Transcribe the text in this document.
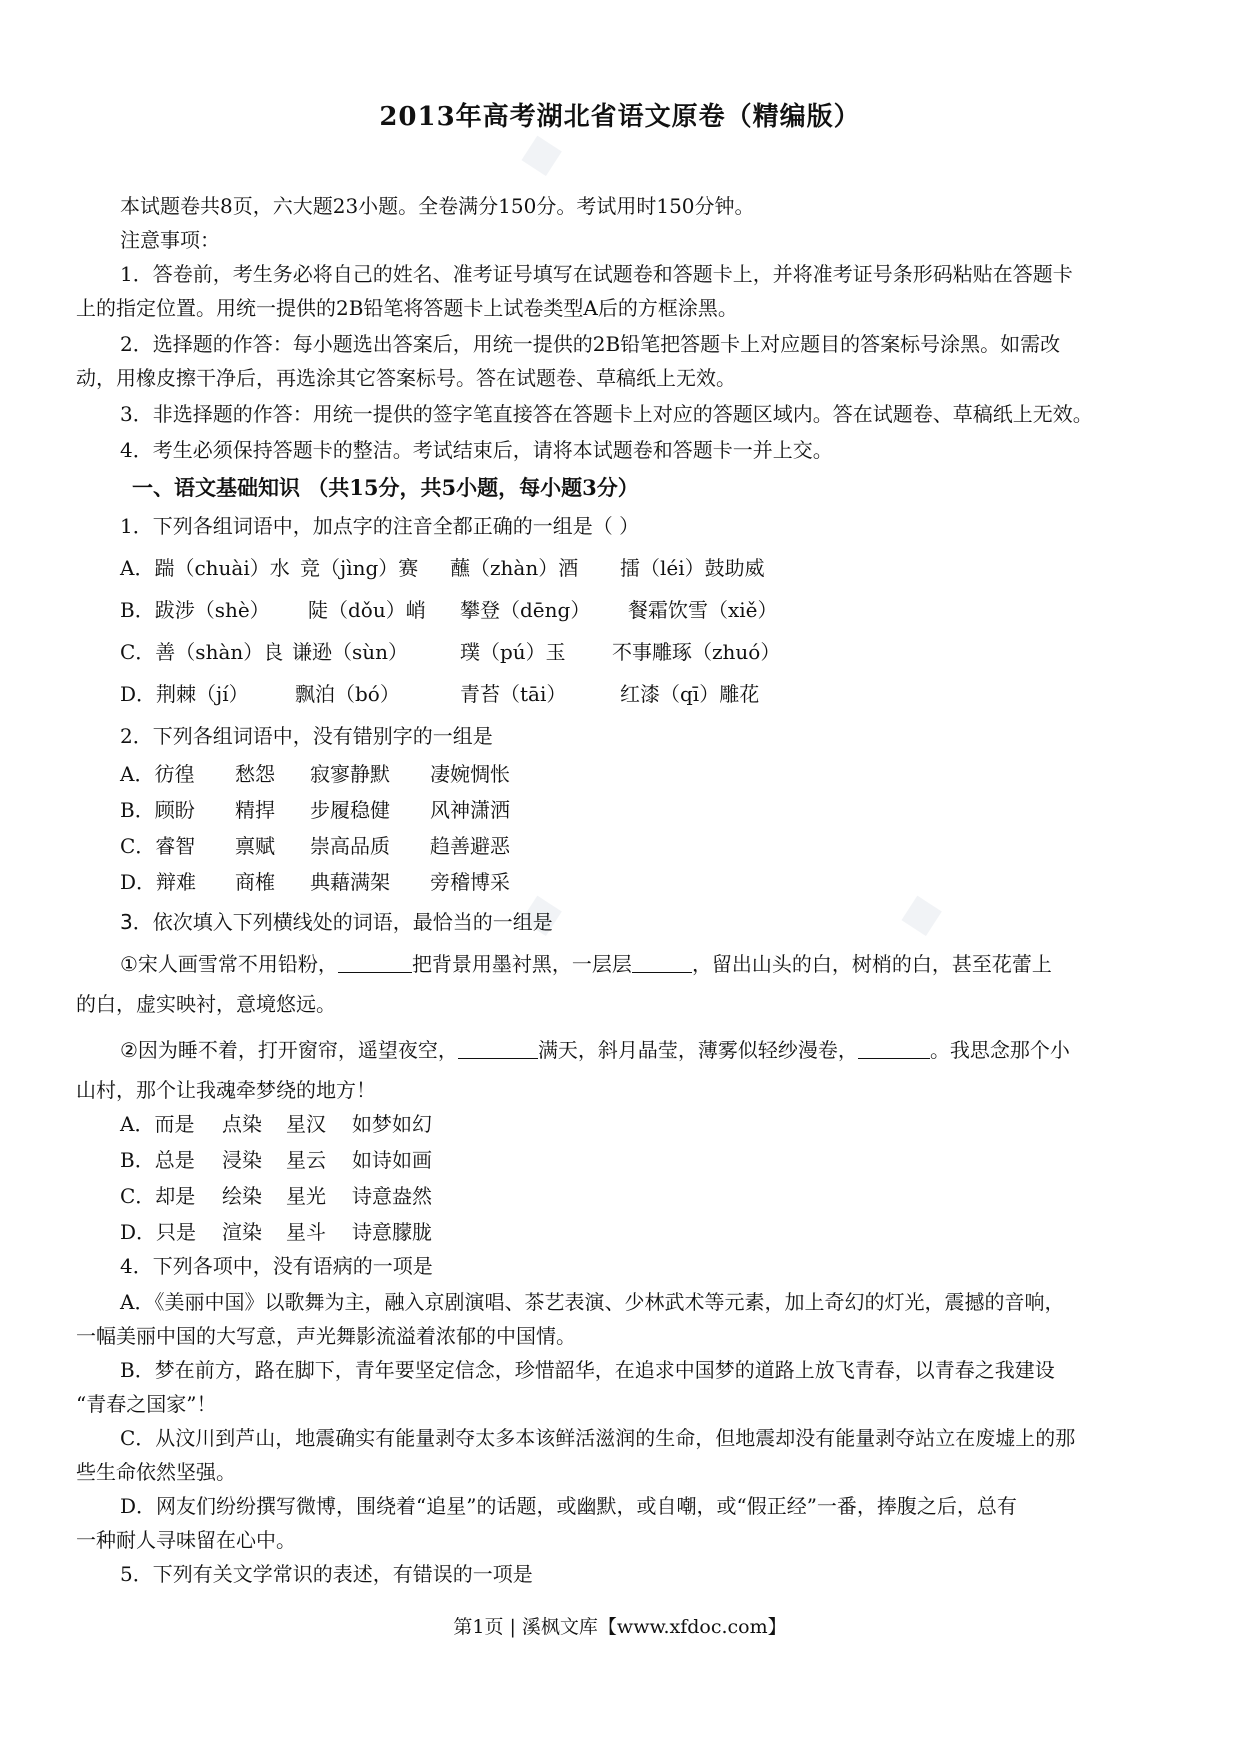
◆
◆	◆
2013年高考湖北省语文原卷（精编版）
本试题卷共8页，六大题23小题。全卷满分150分。考试用时150分钟。
注意事项：
1．答卷前，考生务必将自己的姓名、准考证号填写在试题卷和答题卡上，并将准考证号条形码粘贴在答题卡
上的指定位置。用统一提供的2B铅笔将答题卡上试卷类型A后的方框涂黑。
2．选择题的作答：每小题选出答案后，用统一提供的2B铅笔把答题卡上对应题目的答案标号涂黑。如需改
动，用橡皮擦干净后，再选涂其它答案标号。答在试题卷、草稿纸上无效。
3．非选择题的作答：用统一提供的签字笔直接答在答题卡上对应的答题区域内。答在试题卷、草稿纸上无效。
4．考生必须保持答题卡的整洁。考试结束后，请将本试题卷和答题卡一并上交。
一、语文基础知识 （共15分，共5小题，每小题3分）
1．下列各组词语中，加点字的注音全都正确的一组是（ ）
A．踹（chuài）水 竞（jìng）赛 蘸（zhàn）酒 擂（léi）鼓助威
B．跋涉（shè） 陡（dǒu）峭 攀登（dēng） 餐霜饮雪（xiě）
C．善（shàn）良 谦逊（sùn）	璞（pú）玉 不事雕琢（zhuó）
D．荆棘（jí） 飘泊（bó）	青苔（tāi）	红漆（qī）雕花
2．下列各组词语中，没有错别字的一组是
A．彷徨 愁怨 寂寥静默 凄婉惆怅
B．顾盼 精捍 步履稳健 风神潇洒
C．睿智 禀赋 崇高品质 趋善避恶
D．辩难 商榷 典藉满架 旁稽博采
3．依次填入下列横线处的词语，最恰当的一组是
①宋人画雪常不用铅粉，	把背景用墨衬黑，一层层	，留出山头的白，树梢的白，甚至花蕾上
的白，虚实映衬，意境悠远。
②因为睡不着，打开窗帘，遥望夜空，	满天，斜月晶莹，薄雾似轻纱漫卷，	。我思念那个小
山村，那个让我魂牵梦绕的地方！
A．而是 点染 星汉 如梦如幻
B．总是 浸染 星云 如诗如画
C．却是 绘染 星光 诗意盎然
D．只是 渲染 星斗 诗意朦胧
4．下列各项中，没有语病的一项是
A．《美丽中国》以歌舞为主，融入京剧演唱、茶艺表演、少林武术等元素，加上奇幻的灯光，震撼的音响，
一幅美丽中国的大写意，声光舞影流溢着浓郁的中国情。
B．梦在前方，路在脚下，青年要坚定信念，珍惜韶华，在追求中国梦的道路上放飞青春，以青春之我建设
“青春之国家”！
C．从汶川到芦山，地震确实有能量剥夺太多本该鲜活滋润的生命，但地震却没有能量剥夺站立在废墟上的那
些生命依然坚强。
D．网友们纷纷撰写微博，围绕着“追星”的话题，或幽默，或自嘲，或“假正经”一番，捧腹之后，总有
一种耐人寻味留在心中。
5．下列有关文学常识的表述，有错误的一项是
第1页 | 溪枫文库【www.xfdoc.com】
